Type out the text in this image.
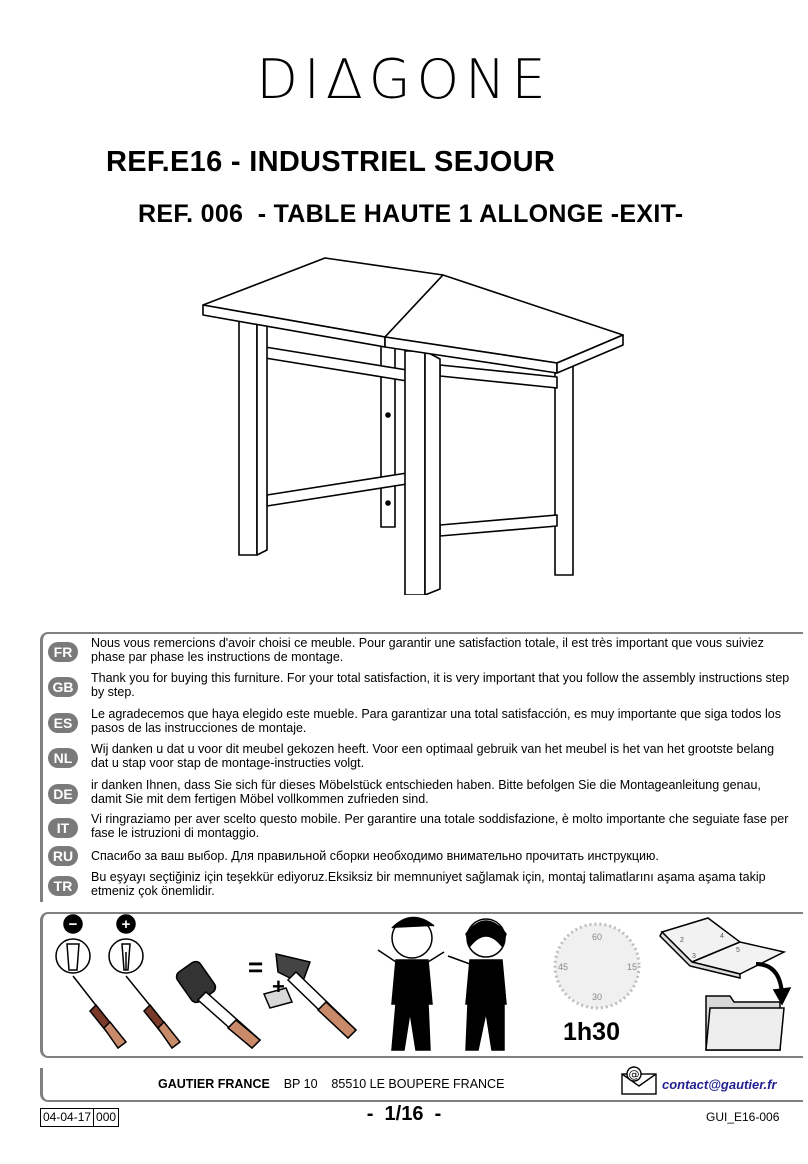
DIΔGONE
REF.E16 - INDUSTRIEL SEJOUR
REF. 006  - TABLE HAUTE 1 ALLONGE -EXIT-
FR
Nous vous remercions d'avoir choisi ce meuble. Pour garantir une satisfaction totale, il est très important que vous suiviez phase par phase les instructions de montage.
GB
Thank you for buying this furniture. For your total satisfaction, it is very important that you follow the assembly instructions step by step.
ES
Le agradecemos que haya elegido este mueble. Para garantizar una total satisfacción, es muy importante que siga todos los pasos de las instrucciones de montaje.
NL
Wij danken u dat u voor dit meubel gekozen heeft. Voor een optimaal gebruik van het meubel is het van het grootste belang dat u stap voor stap de montage-instructies volgt.
DE
ir danken Ihnen, dass Sie sich für dieses Möbelstück entschieden haben. Bitte befolgen Sie die Montageanleitung genau, damit Sie mit dem fertigen Möbel vollkommen zufrieden sind.
IT
Vi ringraziamo per aver scelto questo mobile. Per garantire una totale soddisfazione, è molto importante che seguiate fase per fase le istruzioni di montaggio.
RU	Спасибо за ваш выбор. Для правильной сборки необходимо внимательно прочитать инструкцию.
TR
Bu eşyayı seçtiğiniz için teşekkür ediyoruz.Eksiksiz bir memnuniyet sağlamak için, montaj talimatlarını aşama aşama takip etmeniz çok önemlidir.
−	+
=
+
60
15
30
45
2
4
3
5
1h30
GAUTIER FRANCE BP 10    85510 LE BOUPERE FRANCE
@
contact@gautier.fr
04-04-17 000	-  1/16  -	GUI_E16-006
